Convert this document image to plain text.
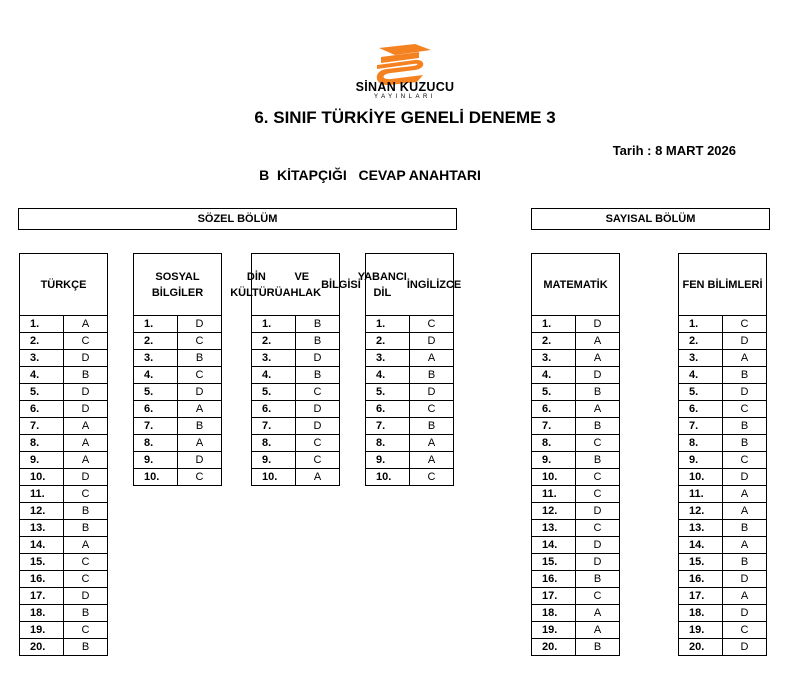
SİNAN KUZUCU
YAYINLARI
6. SINIF TÜRKİYE GENELİ DENEME 3
Tarih : 8 MART 2026
B  KİTAPÇIĞI   CEVAP ANAHTARI
SÖZEL BÖLÜM	SAYISAL BÖLÜM
TÜRKÇE
1.	A
2.	C
3.	D
4.	B
5.	D
6.	D
7.	A
8.	A
9.	A
10.	D
11.	C
12.	B
13.	B
14.	A
15.	C
16.	C
17.	D
18.	B
19.	C
20.	B
SOSYAL BİLGİLER
1.	D
2.	C
3.	B
4.	C
5.	D
6.	A
7.	B
8.	A
9.	D
10.	C
DİN KÜLTÜRÜ

VE AHLAK

BİLGİSİ
1.	B
2.	B
3.	D
4.	B
5.	C
6.	D
7.	D
8.	C
9.	C
10.	A
YABANCI DİL

İNGİLİZCE
1.	C
2.	D
3.	A
4.	B
5.	D
6.	C
7.	B
8.	A
9.	A
10.	C
MATEMATİK
1.	D
2.	A
3.	A
4.	D
5.	B
6.	A
7.	B
8.	C
9.	B
10.	C
11.	C
12.	D
13.	C
14.	D
15.	D
16.	B
17.	C
18.	A
19.	A
20.	B
FEN BİLİMLERİ
1.	C
2.	D
3.	A
4.	B
5.	D
6.	C
7.	B
8.	B
9.	C
10.	D
11.	A
12.	A
13.	B
14.	A
15.	B
16.	D
17.	A
18.	D
19.	C
20.	D
